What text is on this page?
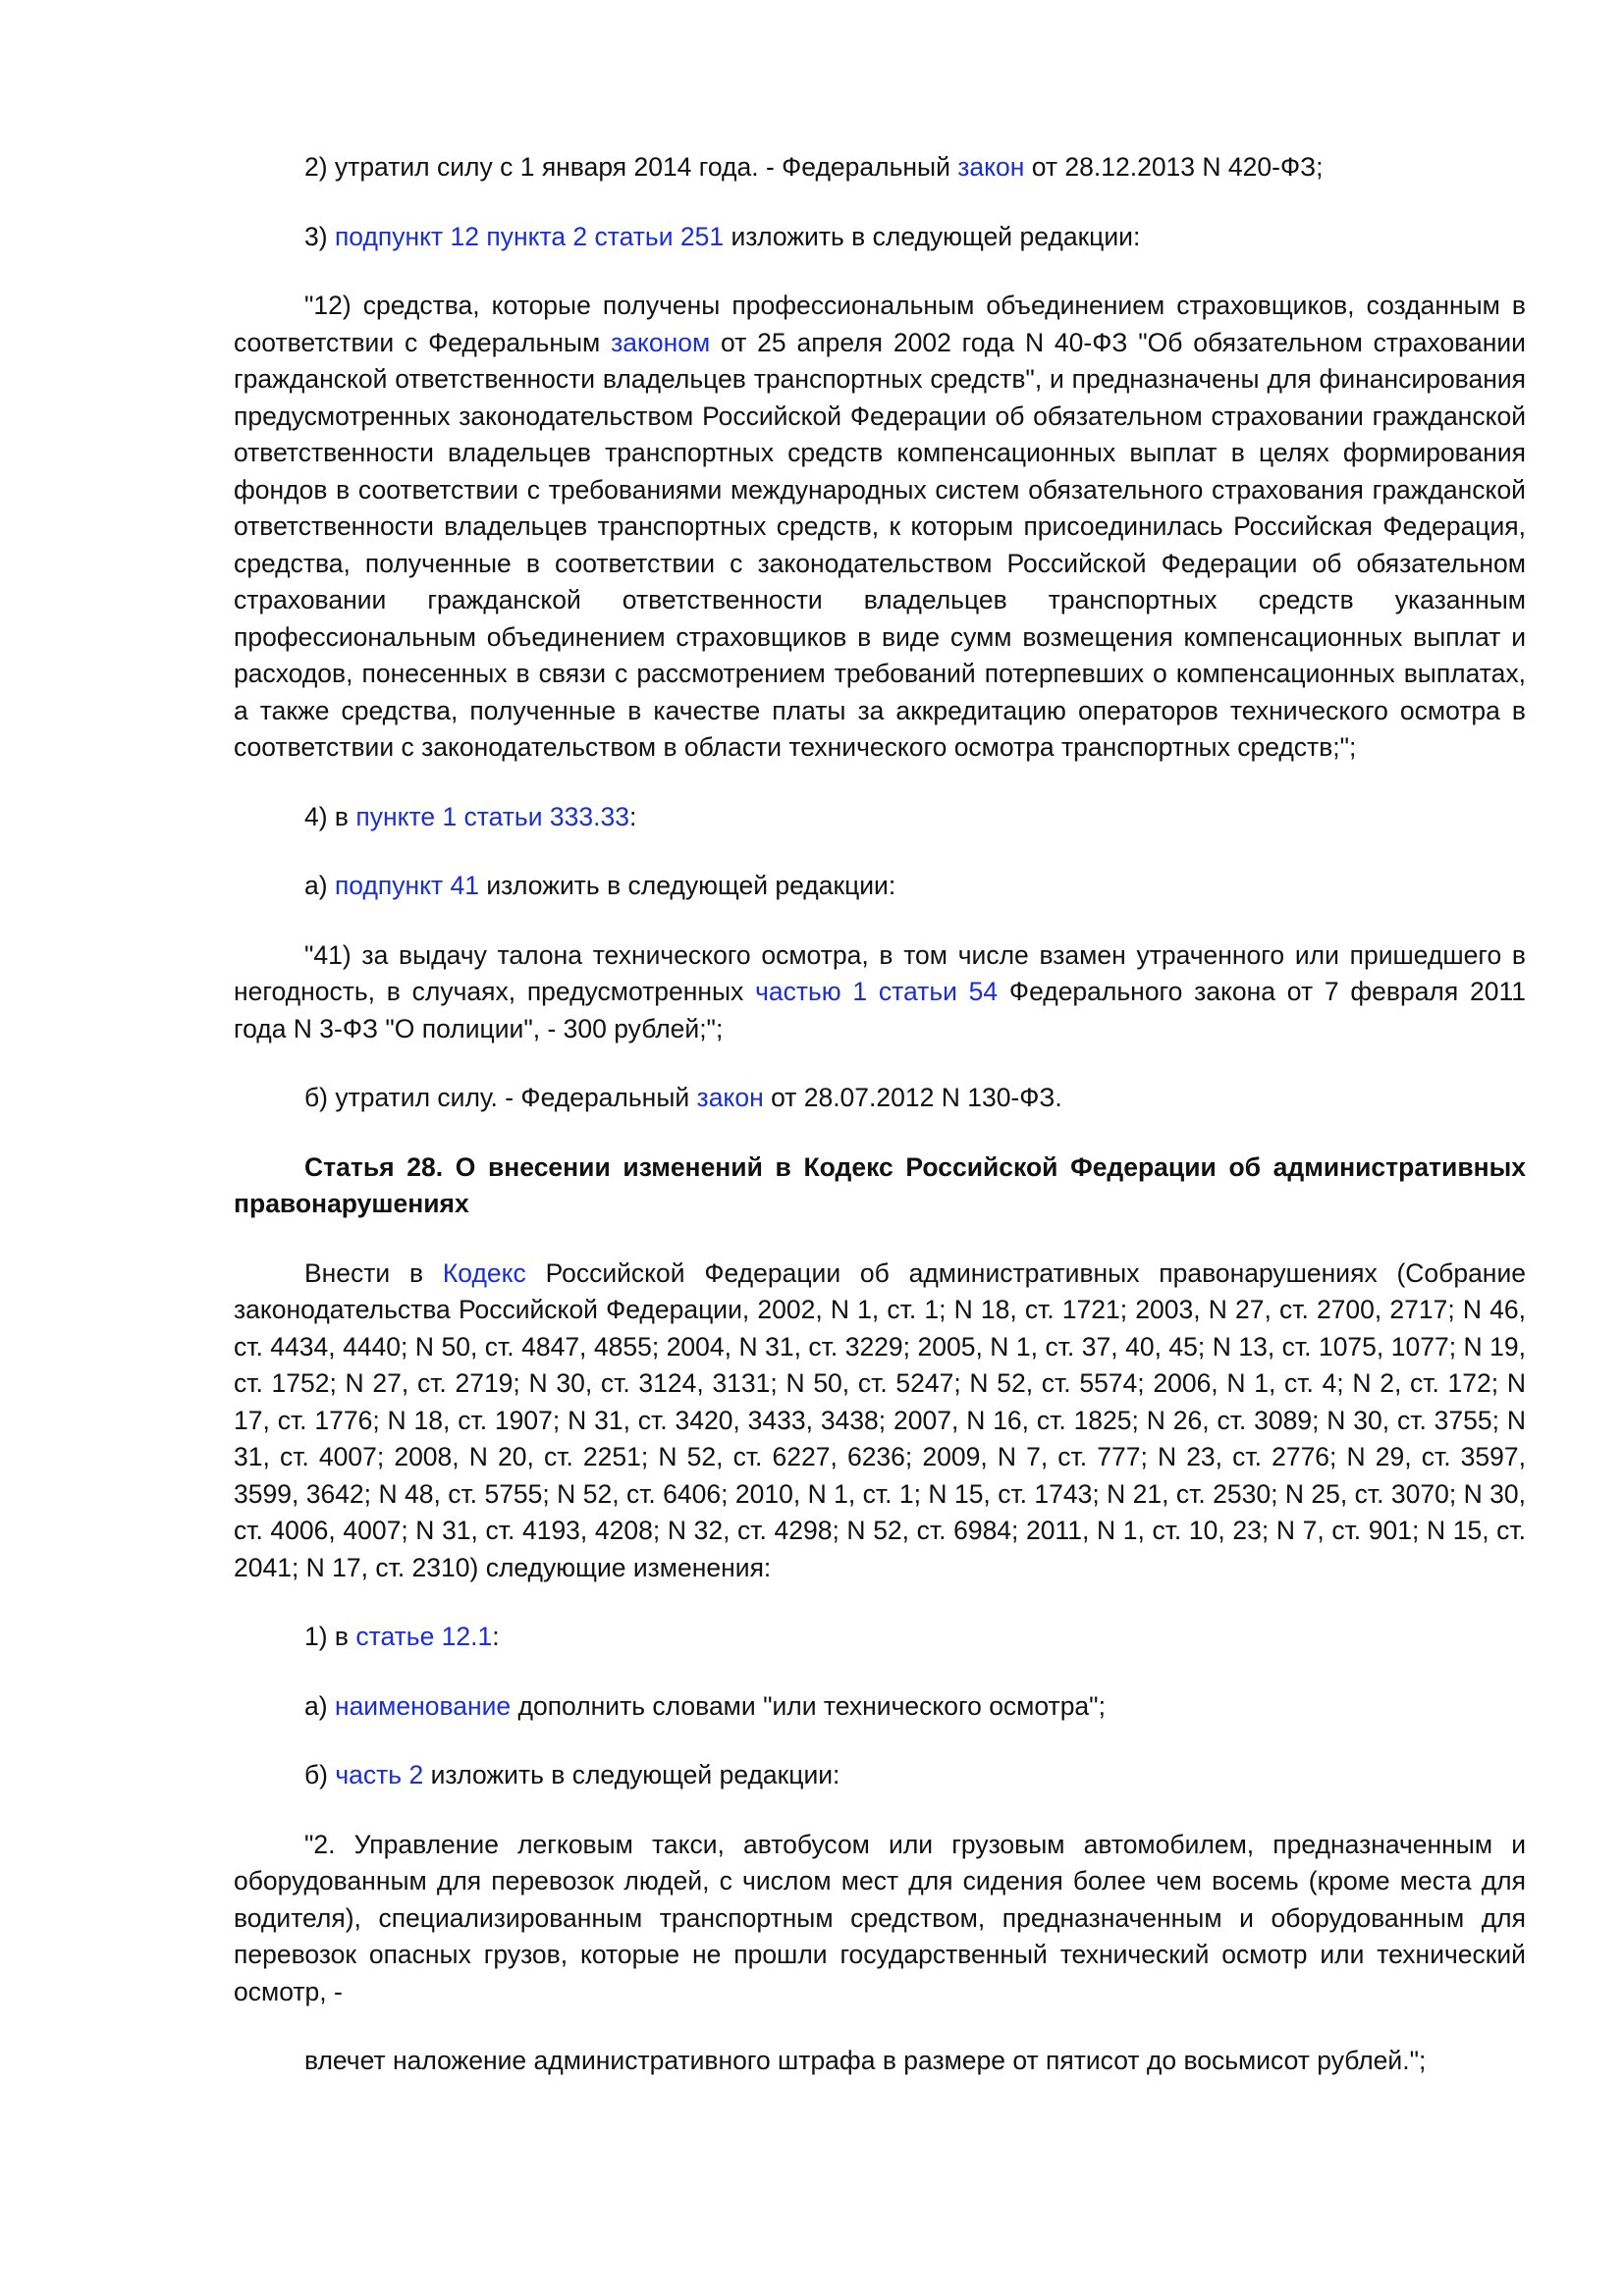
2) утратил силу с 1 января 2014 года. - Федеральный закон от 28.12.2013 N 420-ФЗ;

3) подпункт 12 пункта 2 статьи 251 изложить в следующей редакции:

"12) средства, которые получены профессиональным объединением страховщиков, созданным в соответствии с Федеральным законом от 25 апреля 2002 года N 40-ФЗ "Об обязательном страховании гражданской ответственности владельцев транспортных средств", и предназначены для финансирования предусмотренных законодательством Российской Федерации об обязательном страховании гражданской ответственности владельцев транспортных средств компенсационных выплат в целях формирования фондов в соответствии с требованиями международных систем обязательного страхования гражданской ответственности владельцев транспортных средств, к которым присоединилась Российская Федерация, средства, полученные в соответствии с законодательством Российской Федерации об обязательном страховании гражданской ответственности владельцев транспортных средств указанным профессиональным объединением страховщиков в виде сумм возмещения компенсационных выплат и расходов, понесенных в связи с рассмотрением требований потерпевших о компенсационных выплатах, а также средства, полученные в качестве платы за аккредитацию операторов технического осмотра в соответствии с законодательством в области технического осмотра транспортных средств;";

4) в пункте 1 статьи 333.33:

а) подпункт 41 изложить в следующей редакции:

"41) за выдачу талона технического осмотра, в том числе взамен утраченного или пришедшего в негодность, в случаях, предусмотренных частью 1 статьи 54 Федерального закона от 7 февраля 2011 года N 3-ФЗ "О полиции", - 300 рублей;";

б) утратил силу. - Федеральный закон от 28.07.2012 N 130-ФЗ.

Статья 28. О внесении изменений в Кодекс Российской Федерации об административных правонарушениях

Внести в Кодекс Российской Федерации об административных правонарушениях (Собрание законодательства Российской Федерации, 2002, N 1, ст. 1; N 18, ст. 1721; 2003, N 27, ст. 2700, 2717; N 46, ст. 4434, 4440; N 50, ст. 4847, 4855; 2004, N 31, ст. 3229; 2005, N 1, ст. 37, 40, 45; N 13, ст. 1075, 1077; N 19, ст. 1752; N 27, ст. 2719; N 30, ст. 3124, 3131; N 50, ст. 5247; N 52, ст. 5574; 2006, N 1, ст. 4; N 2, ст. 172; N 17, ст. 1776; N 18, ст. 1907; N 31, ст. 3420, 3433, 3438; 2007, N 16, ст. 1825; N 26, ст. 3089; N 30, ст. 3755; N 31, ст. 4007; 2008, N 20, ст. 2251; N 52, ст. 6227, 6236; 2009, N 7, ст. 777; N 23, ст. 2776; N 29, ст. 3597, 3599, 3642; N 48, ст. 5755; N 52, ст. 6406; 2010, N 1, ст. 1; N 15, ст. 1743; N 21, ст. 2530; N 25, ст. 3070; N 30, ст. 4006, 4007; N 31, ст. 4193, 4208; N 32, ст. 4298; N 52, ст. 6984; 2011, N 1, ст. 10, 23; N 7, ст. 901; N 15, ст. 2041; N 17, ст. 2310) следующие изменения:

1) в статье 12.1:

а) наименование дополнить словами "или технического осмотра";

б) часть 2 изложить в следующей редакции:

"2. Управление легковым такси, автобусом или грузовым автомобилем, предназначенным и оборудованным для перевозок людей, с числом мест для сидения более чем восемь (кроме места для водителя), специализированным транспортным средством, предназначенным и оборудованным для перевозок опасных грузов, которые не прошли государственный технический осмотр или технический осмотр, -

влечет наложение административного штрафа в размере от пятисот до восьмисот рублей.";
